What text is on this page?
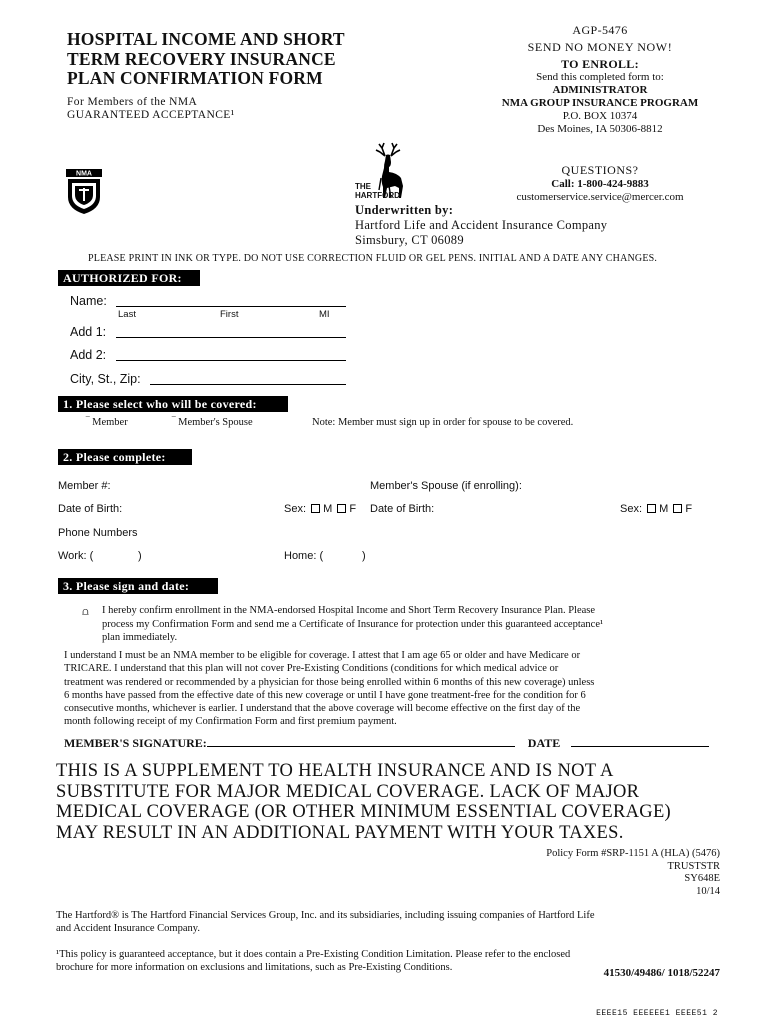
HOSPITAL INCOME AND SHORT
TERM RECOVERY INSURANCE
PLAN CONFIRMATION FORM
For Members of the NMA
GUARANTEED ACCEPTANCE¹
AGP-5476
SEND NO MONEY NOW!
TO ENROLL:
Send this completed form to:
ADMINISTRATOR
NMA GROUP INSURANCE PROGRAM
P.O. BOX 10374
Des Moines, IA 50306-8812
QUESTIONS?
Call: 1-800-424-9883
customerservice.service@mercer.com
NMA
THE
HARTFORD
Underwritten by:
Hartford Life and Accident Insurance Company
Simsbury, CT 06089
PLEASE PRINT IN INK OR TYPE. DO NOT USE CORRECTION FLUID OR GEL PENS. INITIAL AND A DATE ANY CHANGES.
AUTHORIZED FOR:
Name:
Last	First	MI
Add 1:
Add 2:
City, St., Zip:
1. Please select who will be covered:
‾ Member	‾ Member's Spouse	Note: Member must sign up in order for spouse to be covered.
2. Please complete:
Member #:	Member's Spouse (if enrolling):
Date of Birth:	Sex: M F Date of Birth:	Sex: M F
Phone Numbers
Work: (	)	Home: (	)
3. Please sign and date:
⩍ I hereby confirm enrollment in the NMA-endorsed Hospital Income and Short Term Recovery Insurance Plan. Please
process my Confirmation Form and send me a Certificate of Insurance for protection under this guaranteed acceptance¹
plan immediately.
I understand I must be an NMA member to be eligible for coverage. I attest that I am age 65 or older and have Medicare or
TRICARE. I understand that this plan will not cover Pre-Existing Conditions (conditions for which medical advice or
treatment was rendered or recommended by a physician for those being enrolled within 6 months of this new coverage) unless
6 months have passed from the effective date of this new coverage or until I have gone treatment-free for the condition for 6
consecutive months, whichever is earlier. I understand that the above coverage will become effective on the first day of the
month following receipt of my Confirmation Form and first premium payment.
MEMBER'S SIGNATURE:	DATE
THIS IS A SUPPLEMENT TO HEALTH INSURANCE AND IS NOT A
SUBSTITUTE FOR MAJOR MEDICAL COVERAGE. LACK OF MAJOR
MEDICAL COVERAGE (OR OTHER MINIMUM ESSENTIAL COVERAGE)
MAY RESULT IN AN ADDITIONAL PAYMENT WITH YOUR TAXES.
Policy Form #SRP-1151 A (HLA) (5476)
TRUSTSTR
SY648E
10/14
The Hartford® is The Hartford Financial Services Group, Inc. and its subsidiaries, including issuing companies of Hartford Life
and Accident Insurance Company.
¹This policy is guaranteed acceptance, but it does contain a Pre-Existing Condition Limitation. Please refer to the enclosed
brochure for more information on exclusions and limitations, such as Pre-Existing Conditions.	41530/49486/ 1018/52247
EEEE15 EEEEEE1 EEEE51 2
